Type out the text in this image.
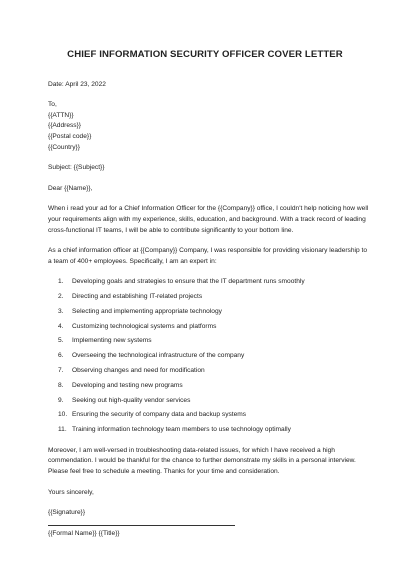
CHIEF INFORMATION SECURITY OFFICER COVER LETTER
Date: April 23, 2022
To,
{{ATTN}}
{{Address}}
{{Postal code}}
{{Country}}

Subject: {{Subject}}

Dear {{Name}},

When i read your ad for a Chief Information Officer for the {{Company}} office, I couldn't help noticing how well your requirements align with my experience, skills, education, and background. With a track record of leading cross-functional IT teams, I will be able to contribute significantly to your bottom line.

As a chief information officer at {{Company}} Company, I was responsible for providing visionary leadership to a team of 400+ employees. Specifically, I am an expert in:

1.	Developing goals and strategies to ensure that the IT department runs smoothly
2.	Directing and establishing IT-related projects
3.	Selecting and implementing appropriate technology
4.	Customizing technological systems and platforms
5.	Implementing new systems
6.	Overseeing the technological infrastructure of the company
7.	Observing changes and need for modification
8.	Developing and testing new programs
9.	Seeking out high-quality vendor services
10. Ensuring the security of company data and backup systems
11. Training information technology team members to use technology optimally

Moreover, I am well-versed in troubleshooting data-related issues, for which I have received a high commendation. I would be thankful for the chance to further demonstrate my skills in a personal interview. Please feel free to schedule a meeting. Thanks for your time and consideration.

Yours sincerely,

{{Signature}}
{{Formal Name}} {{Title}}
